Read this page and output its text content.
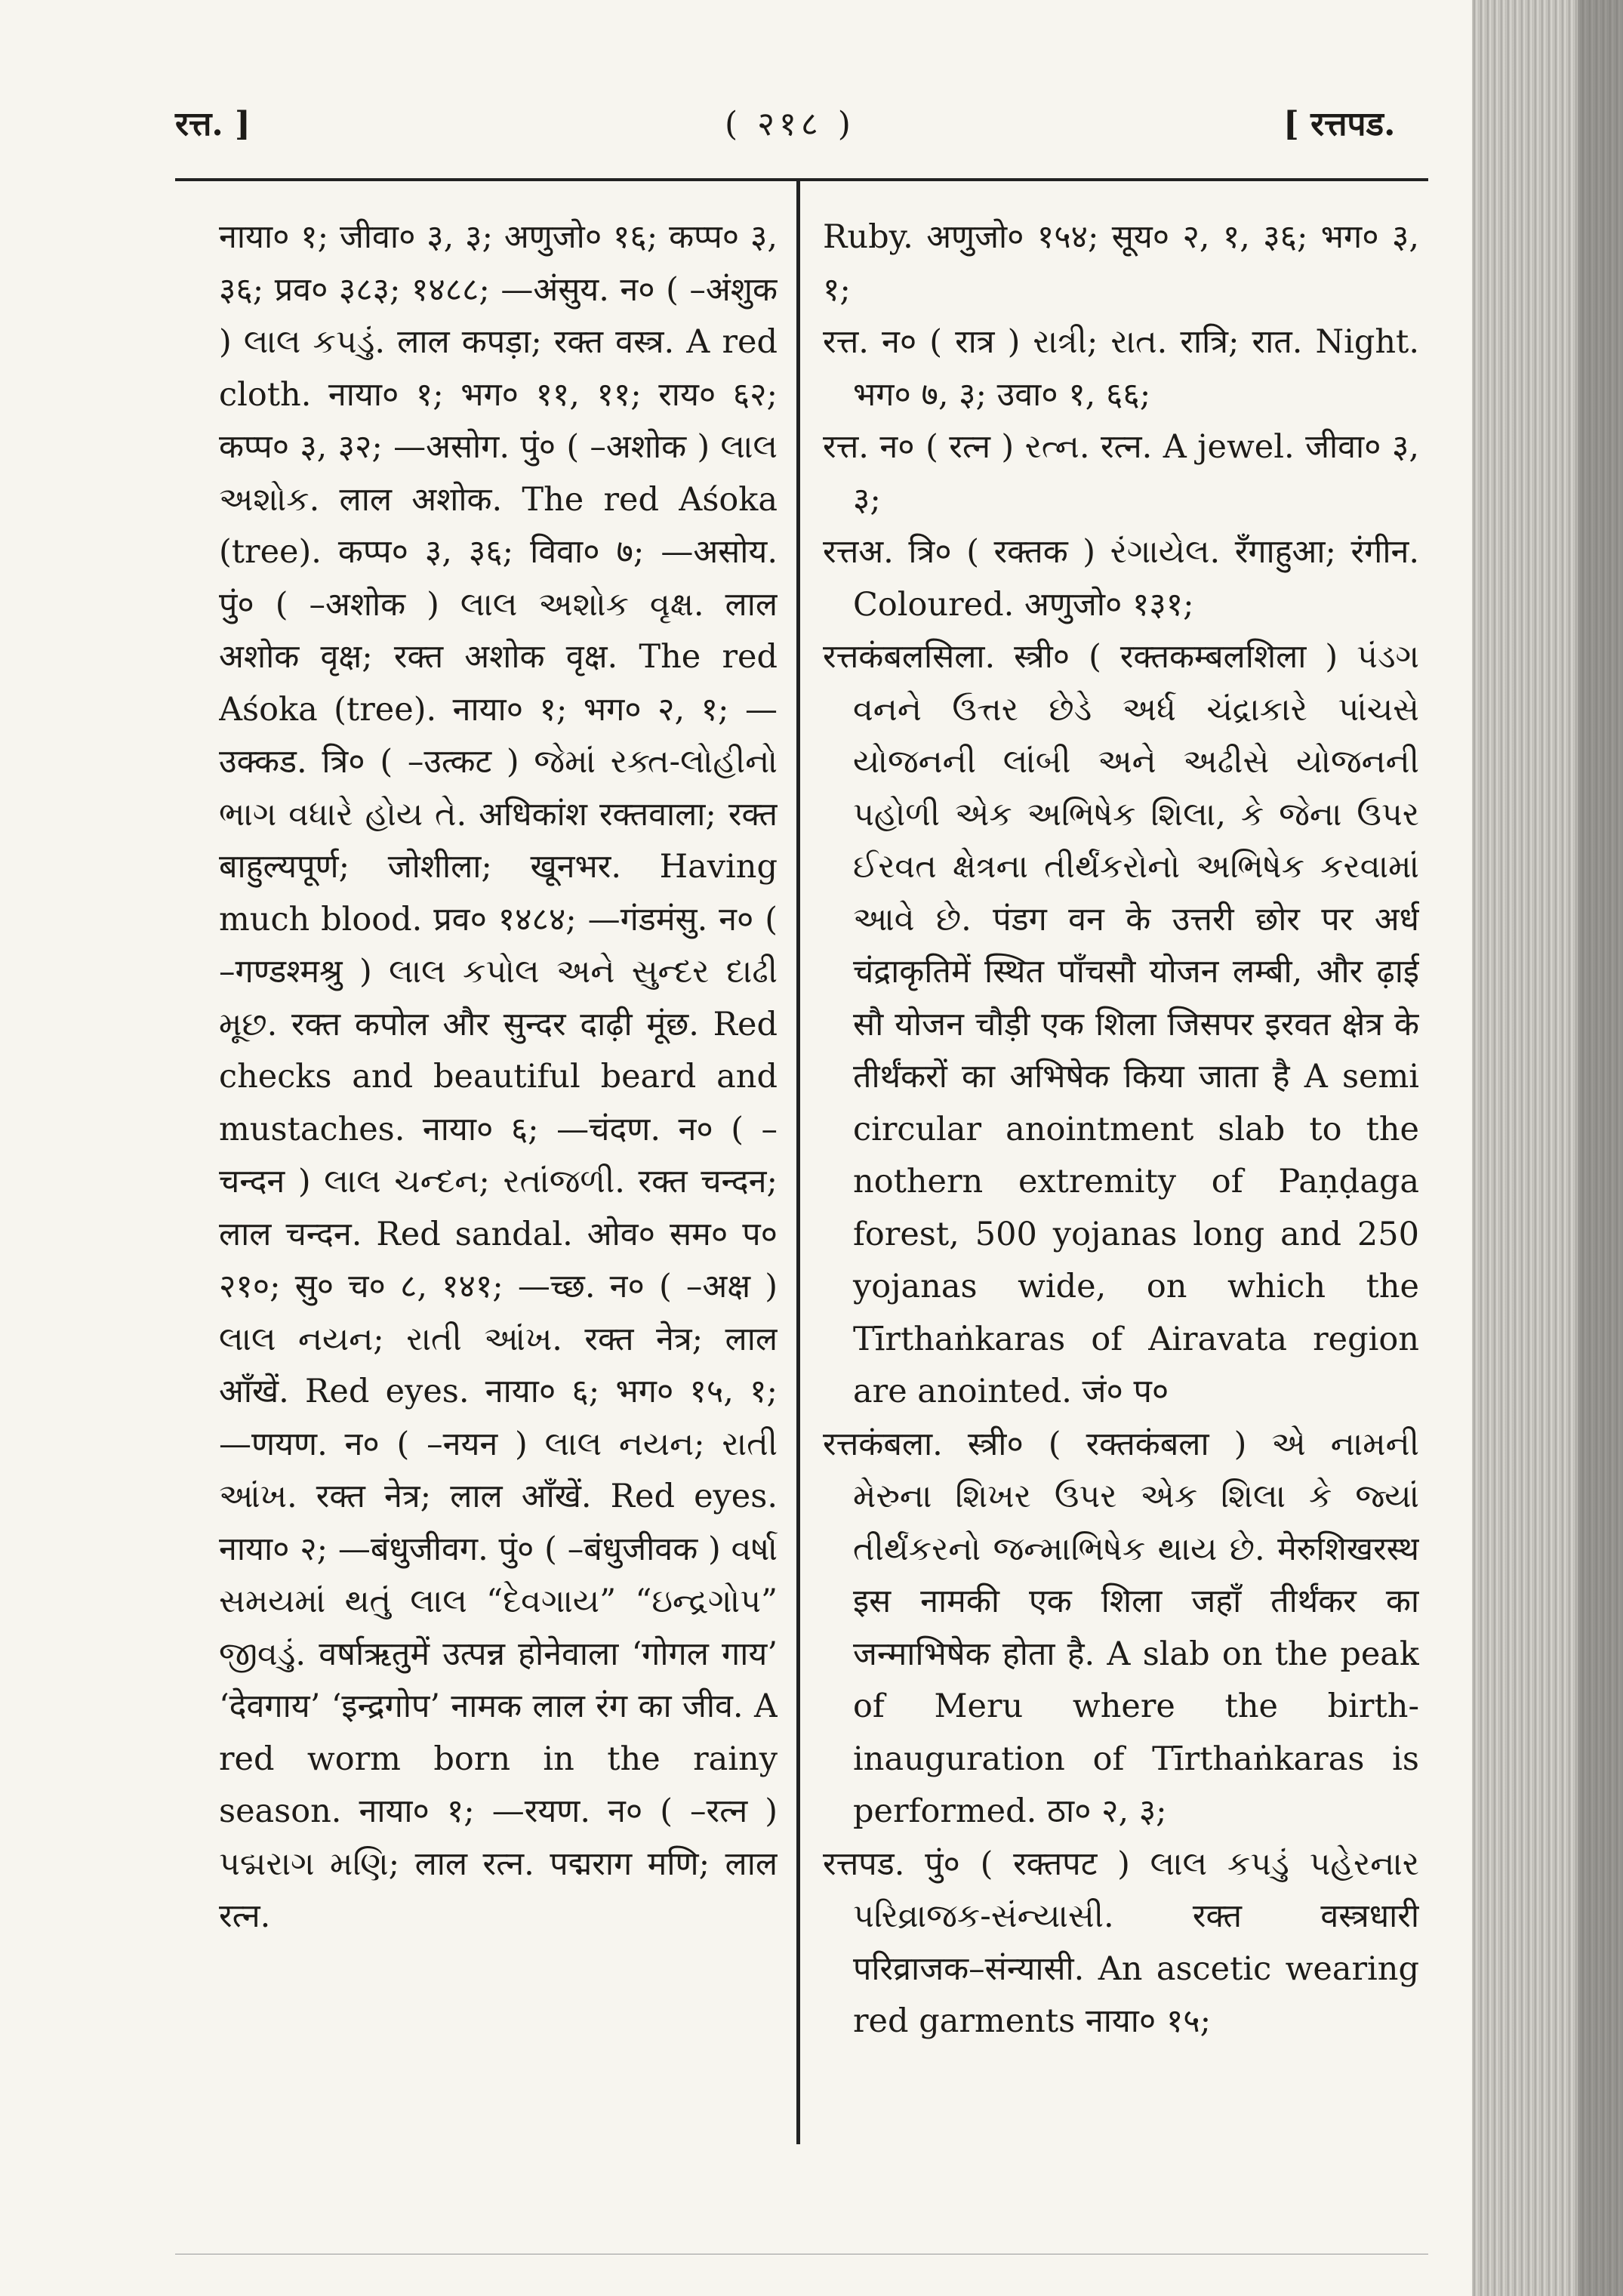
रत्त. ]	( २१८ )	[ रत्तपड.

नाया० १; जीवा० ३, ३; अणुजो० १६; कप्प० ३, ३६; प्रव० ३८३; १४८८; —अंसुय. न० ( –अंशुक ) લાલ કપડું. लाल कपड़ा; रक्त वस्त्र. A red cloth. नाया० १; भग० ११, ११; राय० ६२; कप्प० ३, ३२; —असोग. पुं० ( –अशोक ) લાલ અશોક. लाल अशोक. The red Aśoka (tree). कप्प० ३, ३६; विवा० ७; —असोय. पुं० ( –अशोक ) લાલ અશોક વૃક્ષ. लाल अशोक वृक्ष; रक्त अशोक वृक्ष. The red Aśoka (tree). नाया० १; भग० २, १; —उक्कड. त्रि० ( –उत्कट ) જેમાં રક્ત-લોહીનો ભાગ વધારે હોય તે. अधिकांश रक्तवाला; रक्त बाहुल्यपूर्ण; जोशीला; खूनभर. Having much blood. प्रव० १४८४; —गंडमंसु. न० ( –गण्डश्मश्रु ) લાલ કપોલ અને સુન્દર દાઢી મૂછ. रक्त कपोल और सुन्दर दाढ़ी मूंछ. Red checks and beautiful beard and mustaches. नाया० ६; —चंदण. न० ( –चन्दन ) લાલ ચન્દન; રતાંજળી. रक्त चन्दन; लाल चन्दन. Red sandal. ओव० सम० प० २१०; सु० च० ८, १४१; —च्छ. न० ( –अक्ष ) લાલ નયન; રાતી આંખ. रक्त नेत्र; लाल आँखें. Red eyes. नाया० ६; भग० १५, १; —णयण. न० ( –नयन ) લાલ નયન; રાતી આંખ. रक्त नेत्र; लाल आँखें. Red eyes. नाया० २; —बंधुजीवग. पुं० ( –बंधुजीवक ) વર્ષા સમયમાં થતું લાલ “દેવગાય” “ઇન્દ્રગોપ” જીવડું. वर्षाऋतुमें उत्पन्न होनेवाला ‘गोगल गाय’ ‘देवगाय’ ‘इन्द्रगोप’ नामक लाल रंग का जीव. A red worm born in the rainy season. नाया० १; —रयण. न० ( –रत्न ) પદ્મરાગ મણિ; लाल रत्न. पद्मराग मणि; लाल रत्न.

Ruby. अणुजो० १५४; सूय० २, १, ३६; भग० ३, १;

रत्त. न० ( रात्र ) રાત્રી; રાત. रात्रि; रात. Night. भग० ७, ३; उवा० १, ६६;

रत्त. न० ( रत्न ) રત્ન. रत्न. A jewel. जीवा० ३, ३;

रत्तअ. त्रि० ( रक्तक ) રંગાયેલ. रँगाहुआ; रंगीन. Coloured. अणुजो० १३१;

रत्तकंबलसिला. स्त्री० ( रक्तकम्बलशिला ) પંડગ વનને ઉત્તર છેડે અર્ધ ચંદ્રાકારે પાંચસે યોજનની લાંબી અને અઢીસે યોજનની પહોળી એક અભિષેક શિલા, કે જેના ઉપર ઈરવત ક્ષેત્રના તીર્થંકરોનો અભિષેક કરવામાં આવે છે. पंडग वन के उत्तरी छोर पर अर्ध चंद्राकृतिमें स्थित पाँचसौ योजन लम्बी, और ढ़ाई सौ योजन चौड़ी एक शिला जिसपर इरवत क्षेत्र के तीर्थंकरों का अभिषेक किया जाता है A semi circular anointment slab to the nothern extremity of Paṇḍaga forest, 500 yojanas long and 250 yojanas wide, on which the Tīrthaṅkaras of Airavata region are anointed. जं० प०

रत्तकंबला. स्त्री० ( रक्तकंबला ) એ નામની મેરુના શિખર ઉપર એક શિલા કે જ્યાં તીર્થંકરનો જન્માભિષેક થાય છે. मेरुशिखरस्थ इस नामकी एक शिला जहाँ तीर्थंकर का जन्माभिषेक होता है. A slab on the peak of Meru where the birth-inauguration of Tīrthaṅkaras is performed. ठा० २, ३;

रत्तपड. पुं० ( रक्तपट ) લાલ કપડું પહેરનાર પરિવ્રાજક-સંન્યાસી. रक्त वस्त्रधारी परिव्राजक–संन्यासी. An ascetic wearing red garments नाया० १५;
